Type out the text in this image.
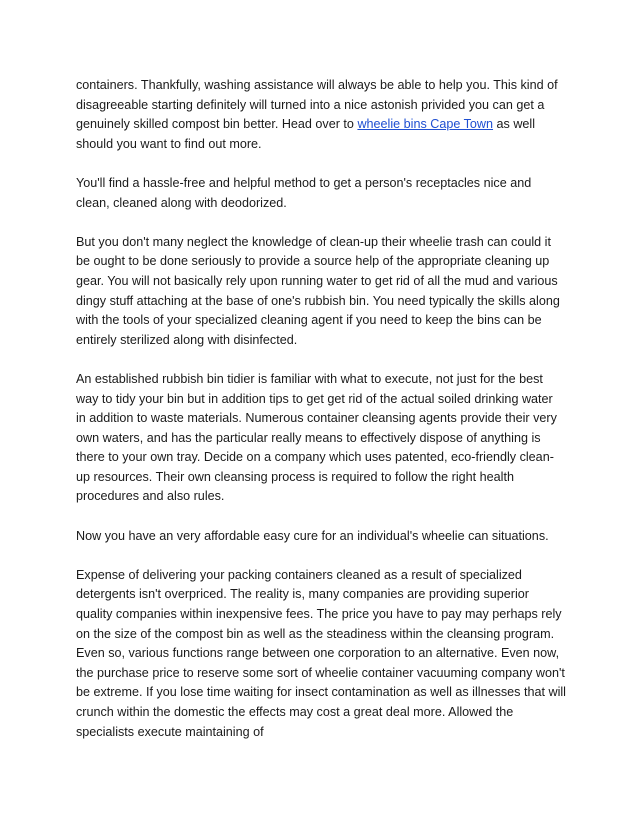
containers. Thankfully, washing assistance will always be able to help you. This kind of disagreeable starting definitely will turned into a nice astonish privided you can get a genuinely skilled compost bin better. Head over to wheelie bins Cape Town as well should you want to find out more.

You'll find a hassle-free and helpful method to get a person's receptacles nice and clean, cleaned along with deodorized.

But you don't many neglect the knowledge of clean-up their wheelie trash can could it be ought to be done seriously to provide a source help of the appropriate cleaning up gear. You will not basically rely upon running water to get rid of all the mud and various dingy stuff attaching at the base of one's rubbish bin. You need typically the skills along with the tools of your specialized cleaning agent if you need to keep the bins can be entirely sterilized along with disinfected.

An established rubbish bin tidier is familiar with what to execute, not just for the best way to tidy your bin but in addition tips to get get rid of the actual soiled drinking water in addition to waste materials. Numerous container cleansing agents provide their very own waters, and has the particular really means to effectively dispose of anything is there to your own tray. Decide on a company which uses patented, eco-friendly clean-up resources. Their own cleansing process is required to follow the right health procedures and also rules.

Now you have an very affordable easy cure for an individual's wheelie can situations.

Expense of delivering your packing containers cleaned as a result of specialized detergents isn't overpriced. The reality is, many companies are providing superior quality companies within inexpensive fees. The price you have to pay may perhaps rely on the size of the compost bin as well as the steadiness within the cleansing program. Even so, various functions range between one corporation to an alternative. Even now, the purchase price to reserve some sort of wheelie container vacuuming company won't be extreme. If you lose time waiting for insect contamination as well as illnesses that will crunch within the domestic the effects may cost a great deal more. Allowed the specialists execute maintaining of
